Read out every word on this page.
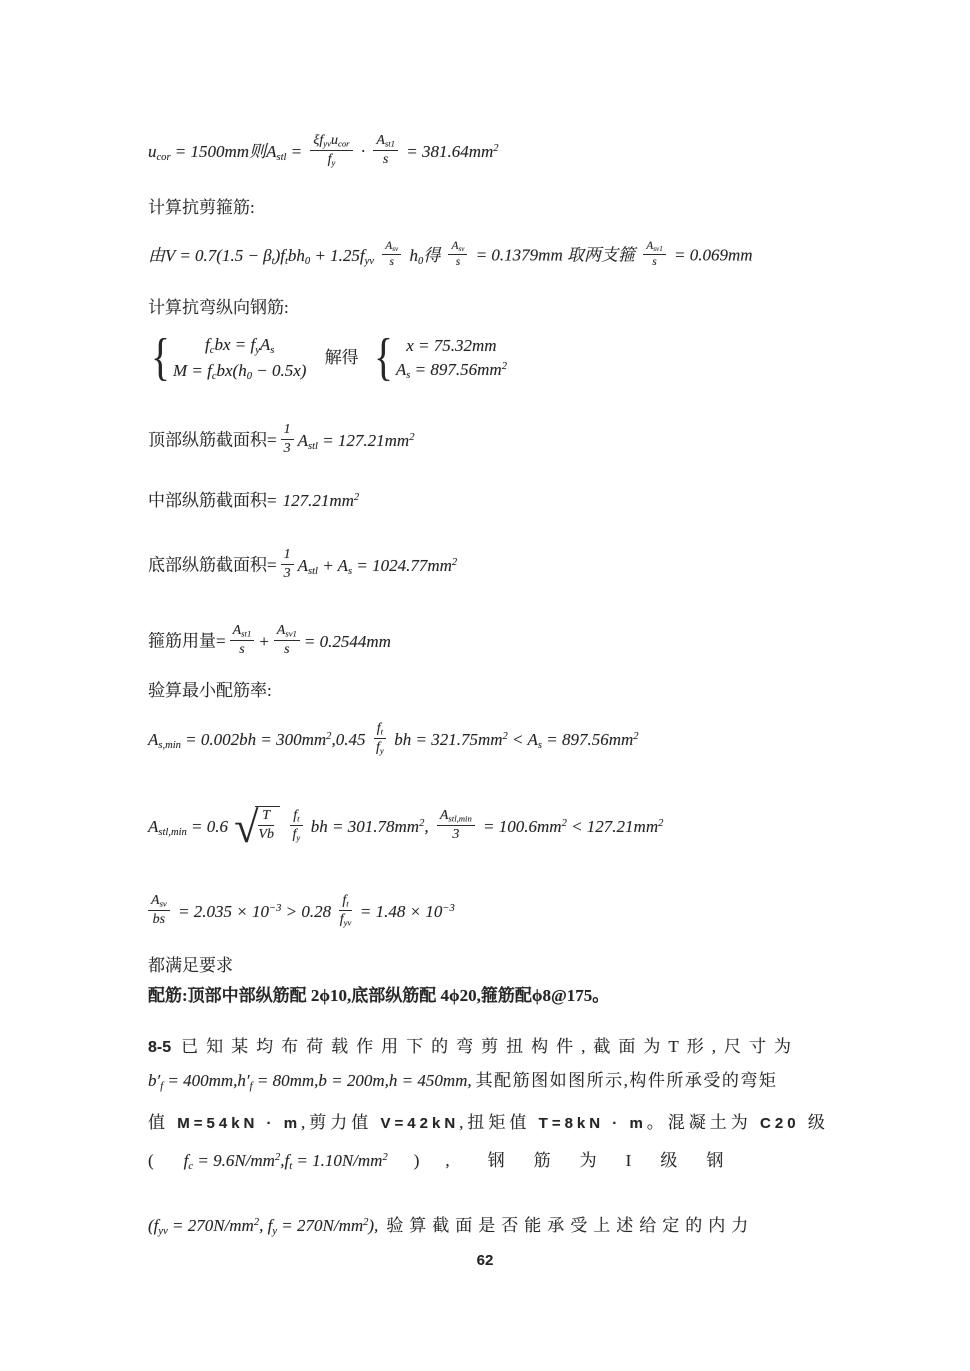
$u_{cor} = 1500mm$则$A_{stl} = \frac{\xi f_{yv}u_{cor}}{f_y} \cdot \frac{A_{st1}}{s} = 381.64mm^2$
计算抗剪箍筋:
由$V = 0.7(1.5 - \beta_t)f_tbh_0 + 1.25f_{yv} \frac{A_{sv}}{s} h_0$得 $\frac{A_{sv}}{s} = 0.1379mm$ 取两支箍 $\frac{A_{sv1}}{s} = 0.069mm$
计算抗弯纵向钢筋:
{ $f_cbx = f_yA_s$
$M = f_cbx(h_0 - 0.5x)$
解得 { x = 75.32mm
$A_s = 897.56mm^2$
顶部纵筋截面积= $\frac{1}{3} A_{stl} = 127.21mm^2$
中部纵筋截面积= $127.21mm^2$
底部纵筋截面积= $\frac{1}{3} A_{stl} + A_s = 1024.77mm^2$
箍筋用量= $\frac{A_{st1}}{s} + \frac{A_{sv1}}{s} = 0.2544mm$
验算最小配筋率:
$A_{s,min} = 0.002bh = 300mm^2,0.45 \frac{f_t}{f_y}$ bh = $321.75mm^2 < A_s = 897.56mm^2$
$A_{stl,min} = 0.6$ √ $\frac{T}{Vb}$
$\frac{f_t}{f_y}$ bh = $301.78mm^2$, $\frac{A_{stl,min}}{3} = 100.6mm^2 < 127.21mm^2$
$\frac{A_{sv}}{bs} = 2.035 \times 10^{-3} > 0.28 \frac{f_t}{f_{yv}} = 1.48 \times 10^{-3}$
都满足要求
配筋:顶部中部纵筋配 2ϕ10,底部纵筋配 4ϕ20,箍筋配ϕ8@175。
8-5 已知某均布荷载作用下的弯剪扭构件,截面为T形,尺寸为
$b'_f = 400mm,h'_f = 80mm,b = 200m,h = 450mm$, 其配筋图如图所示,构件所承受的弯矩
值 M=54kN · m,剪力值 V=42kN,扭矩值 T=8kN · m。混凝土为 C20 级
( $f_c = 9.6N/mm^2,f_t = 1.10N/mm^2$ ) , 钢筋为I级钢
($f_{yv} = 270N/mm^2$, $f_y = 270N/mm^2$), 验算截面是否能承受上述给定的内力
62
